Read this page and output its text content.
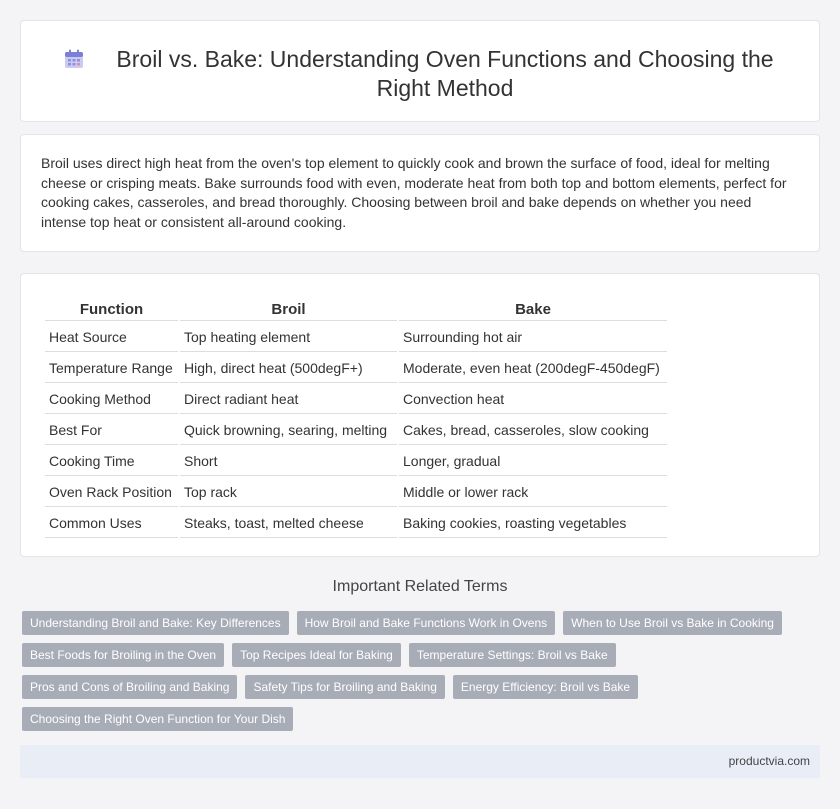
Broil vs. Bake: Understanding Oven Functions and Choosing the Right Method

Broil uses direct high heat from the oven's top element to quickly cook and brown the surface of food, ideal for melting cheese or crisping meats. Bake surrounds food with even, moderate heat from both top and bottom elements, perfect for cooking cakes, casseroles, and bread thoroughly. Choosing between broil and bake depends on whether you need intense top heat or consistent all-around cooking.

Function	Broil	Bake
Heat Source	Top heating element	Surrounding hot air
Temperature Range	High, direct heat (500degF+)	Moderate, even heat (200degF-450degF)
Cooking Method	Direct radiant heat	Convection heat
Best For	Quick browning, searing, melting	Cakes, bread, casseroles, slow cooking
Cooking Time	Short	Longer, gradual
Oven Rack Position	Top rack	Middle or lower rack
Common Uses	Steaks, toast, melted cheese	Baking cookies, roasting vegetables
Important Related Terms
Understanding Broil and Bake: Key Differences	How Broil and Bake Functions Work in Ovens	When to Use Broil vs Bake in Cooking
Best Foods for Broiling in the Oven	Top Recipes Ideal for Baking	Temperature Settings: Broil vs Bake
Pros and Cons of Broiling and Baking	Safety Tips for Broiling and Baking	Energy Efficiency: Broil vs Bake
Choosing the Right Oven Function for Your Dish
productvia.com
